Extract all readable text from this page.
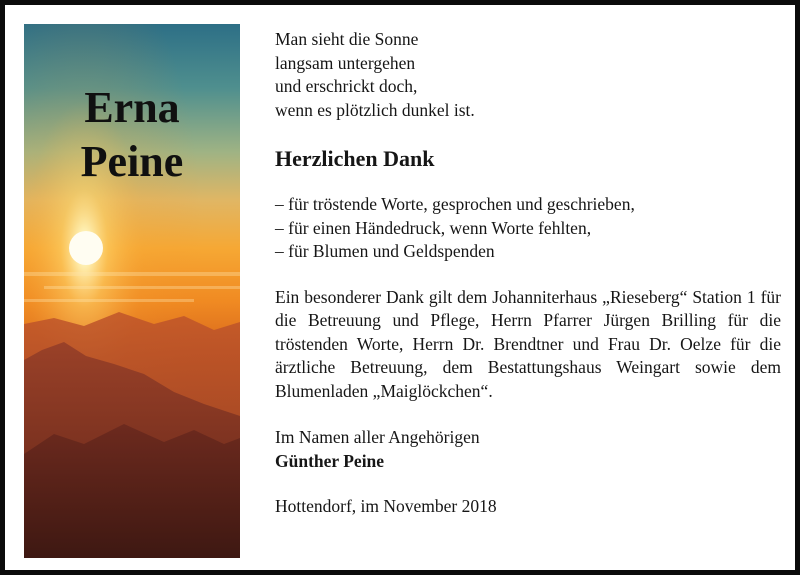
Erna
Peine
Man sieht die Sonne
langsam untergehen
und erschrickt doch,
wenn es plötzlich dunkel ist.
Herzlichen Dank
– für tröstende Worte, gesprochen und geschrieben,
– für einen Händedruck, wenn Worte fehlten,
– für Blumen und Geldspenden
Ein besonderer Dank gilt dem Johanniterhaus „Rieseberg“ Station 1 für die Betreuung und Pflege, Herrn Pfarrer Jürgen Brilling für die tröstenden Worte, Herrn Dr. Brendtner und Frau Dr. Oelze für die ärztliche Betreuung, dem Bestattungshaus Weingart sowie dem Blumenladen „Maiglöckchen“.
Im Namen aller Angehörigen
Günther Peine
Hottendorf, im November 2018
